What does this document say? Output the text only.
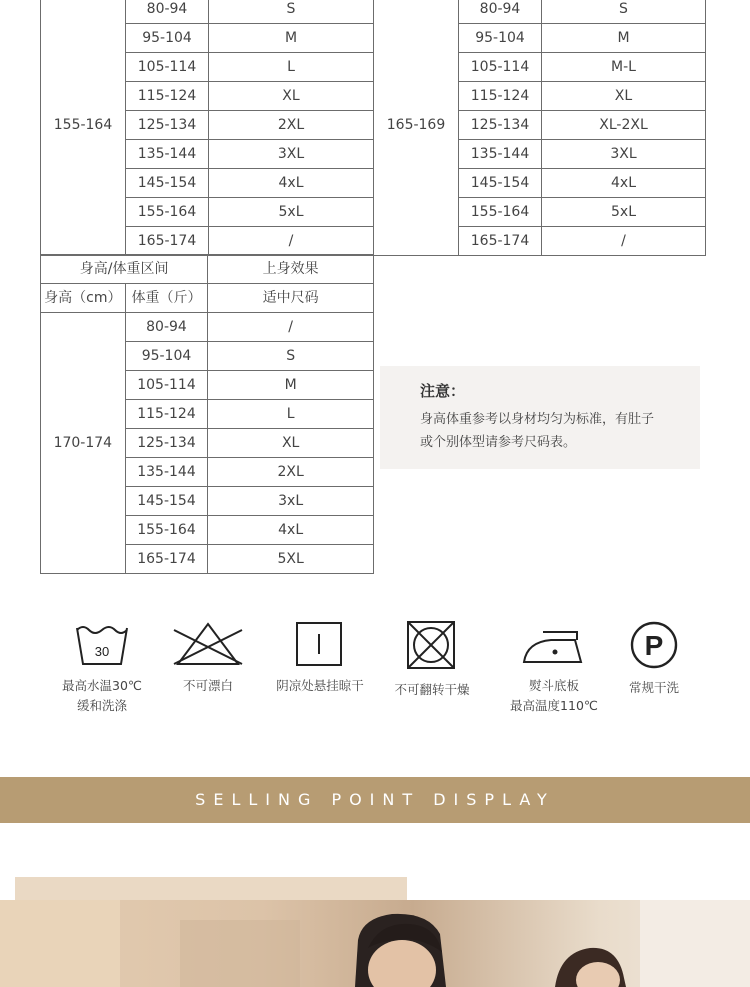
155-164	80-94	S
	95-104	M
	105-114	L
	115-124	XL
	125-134	2XL
	135-144	3XL
	145-154	4xL
	155-164	5xL
	165-174	/
165-169	80-94	S
	95-104	M
	105-114	M-L
	115-124	XL
	125-134	XL-2XL
	135-144	3XL
	145-154	4xL
	155-164	5xL
	165-174	/
身高/体重区间		上身效果
身高（cm）	体重（斤）	适中尺码
170-174	80-94	/
	95-104	S
	105-114	M
	115-124	L
	125-134	XL
	135-144	2XL
	145-154	3xL
	155-164	4xL
	165-174	5XL
注意：
身高体重参考以身材均匀为标准，有肚子
或个别体型请参考尺码表。
30
最高水温30℃
缓和洗涤
不可漂白	阴凉处悬挂晾干	不可翻转干燥	熨斗底板
最高温度110℃
P
常规干洗
SELLING POINT DISPLAY
